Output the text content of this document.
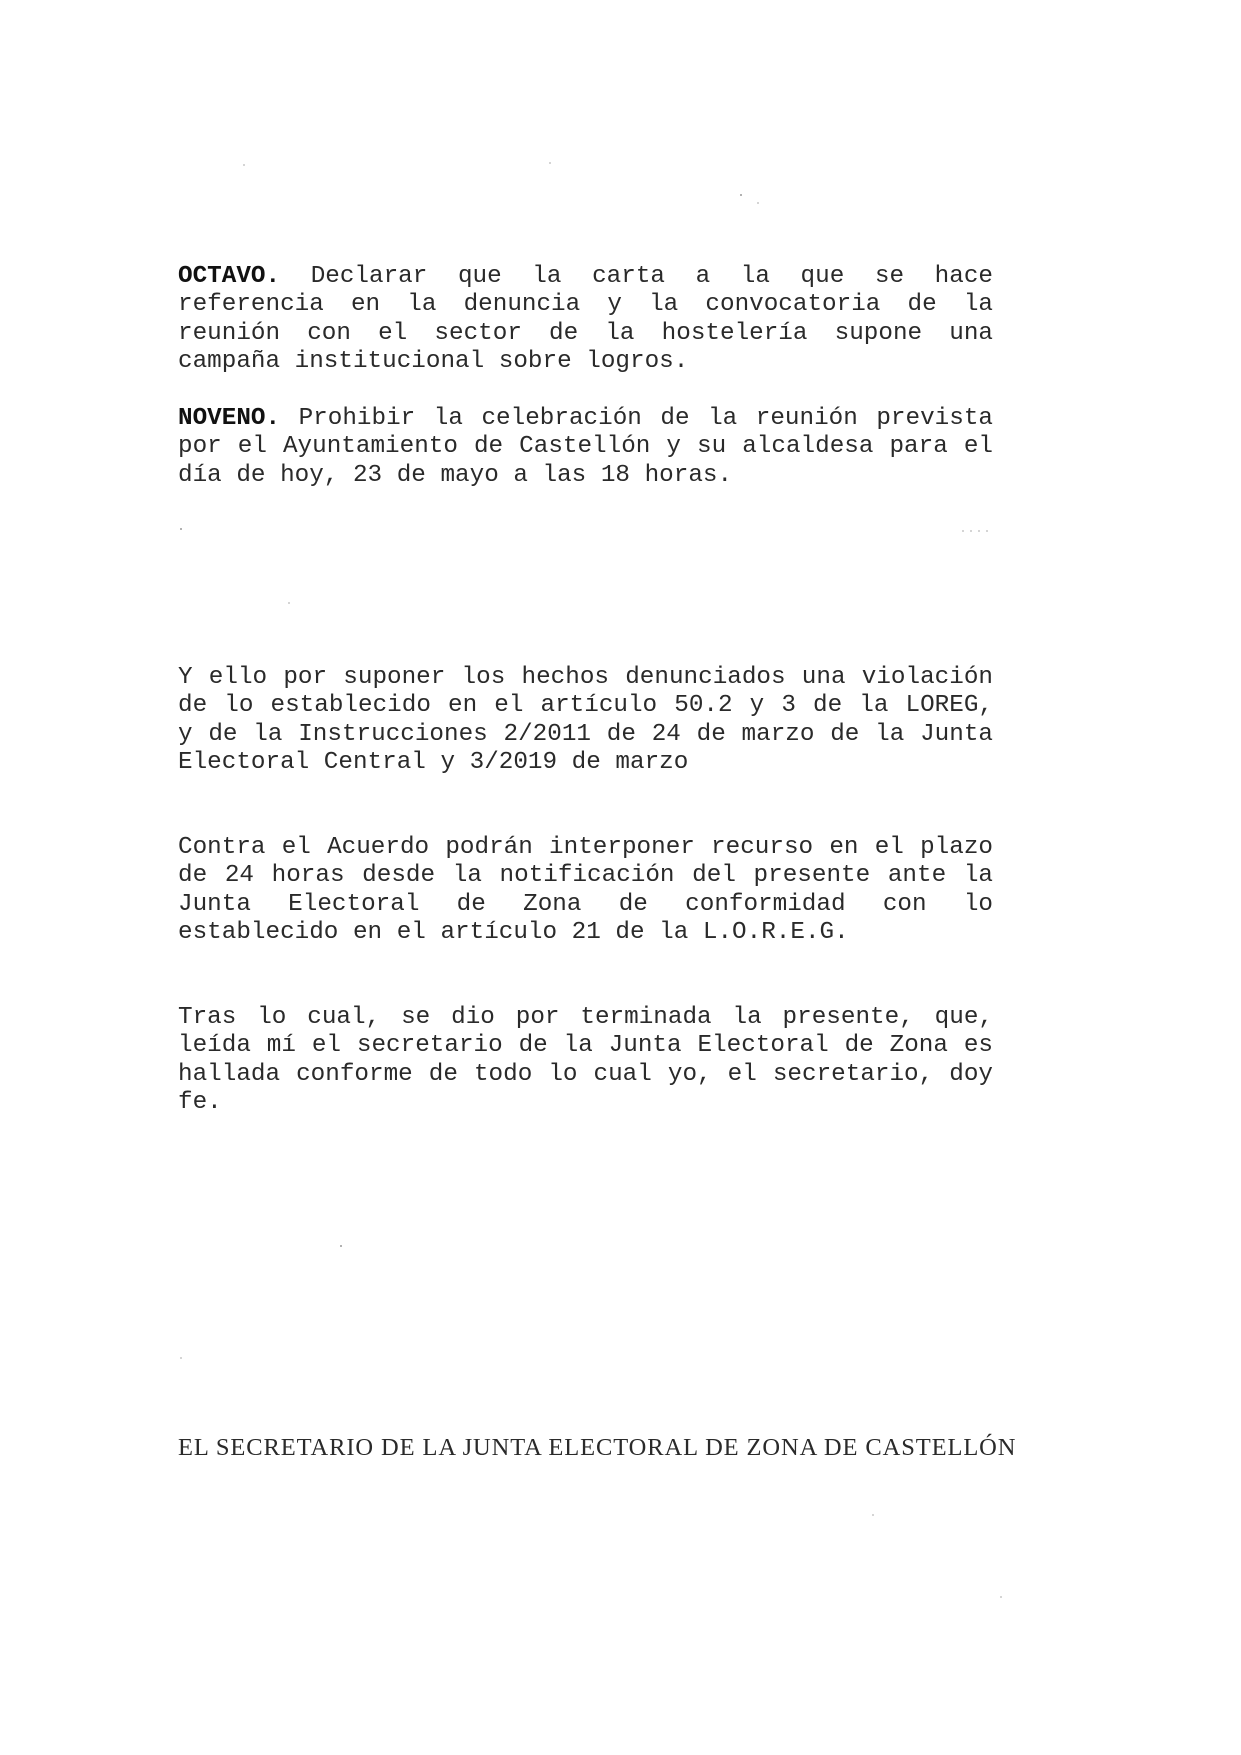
OCTAVO. Declarar que la carta a la que se hace referencia en la denuncia y la convocatoria de la reunión con el sector de la hostelería supone una campaña institucional sobre logros.

NOVENO. Prohibir la celebración de la reunión prevista por el Ayuntamiento de Castellón y su alcaldesa para el día de hoy, 23 de mayo a las 18 horas.

Y ello por suponer los hechos denunciados una violación de lo establecido en el artículo 50.2 y 3 de la LOREG, y de la Instrucciones 2/2011 de 24 de marzo de la Junta Electoral Central y 3/2019 de marzo

Contra el Acuerdo podrán interponer recurso en el plazo de 24 horas desde la notificación del presente ante la Junta Electoral de Zona de conformidad con lo establecido en el artículo 21 de la L.O.R.E.G.

Tras lo cual, se dio por terminada la presente, que, leída mí el secretario de la Junta Electoral de Zona es hallada conforme de todo lo cual yo, el secretario, doy fe.

EL SECRETARIO DE LA JUNTA ELECTORAL DE ZONA DE CASTELLÓN
